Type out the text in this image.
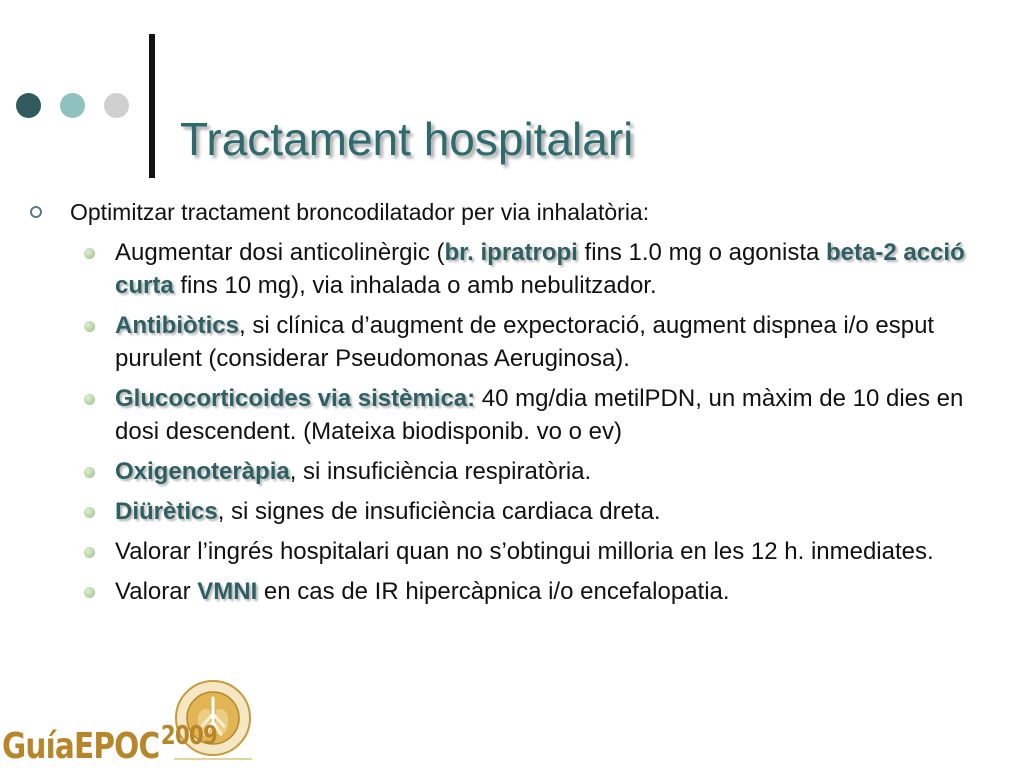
Tractament hospitalari
Optimitzar tractament broncodilatador per via inhalatòria:
Augmentar dosi anticolinèrgic (br. ipratropi fins 1.0 mg o agonista beta-2 acció curta fins 10 mg), via inhalada o amb nebulitzador.
Antibiòtics, si clínica d’augment de expectoració, augment dispnea i/o esput purulent (considerar Pseudomonas Aeruginosa).
Glucocorticoides via sistèmica: 40 mg/dia metilPDN, un màxim de 10 dies en dosi descendent. (Mateixa biodisponib. vo o ev)
Oxigenoteràpia, si insuficiència respiratòria.
Diürètics, si signes de insuficiència cardiaca dreta.
Valorar l’ingrés hospitalari quan no s’obtingui milloria en les 12 h. inmediates.
Valorar VMNI en cas de IR hipercàpnica i/o encefalopatia.
GuíaEPOC$^{2009}$
